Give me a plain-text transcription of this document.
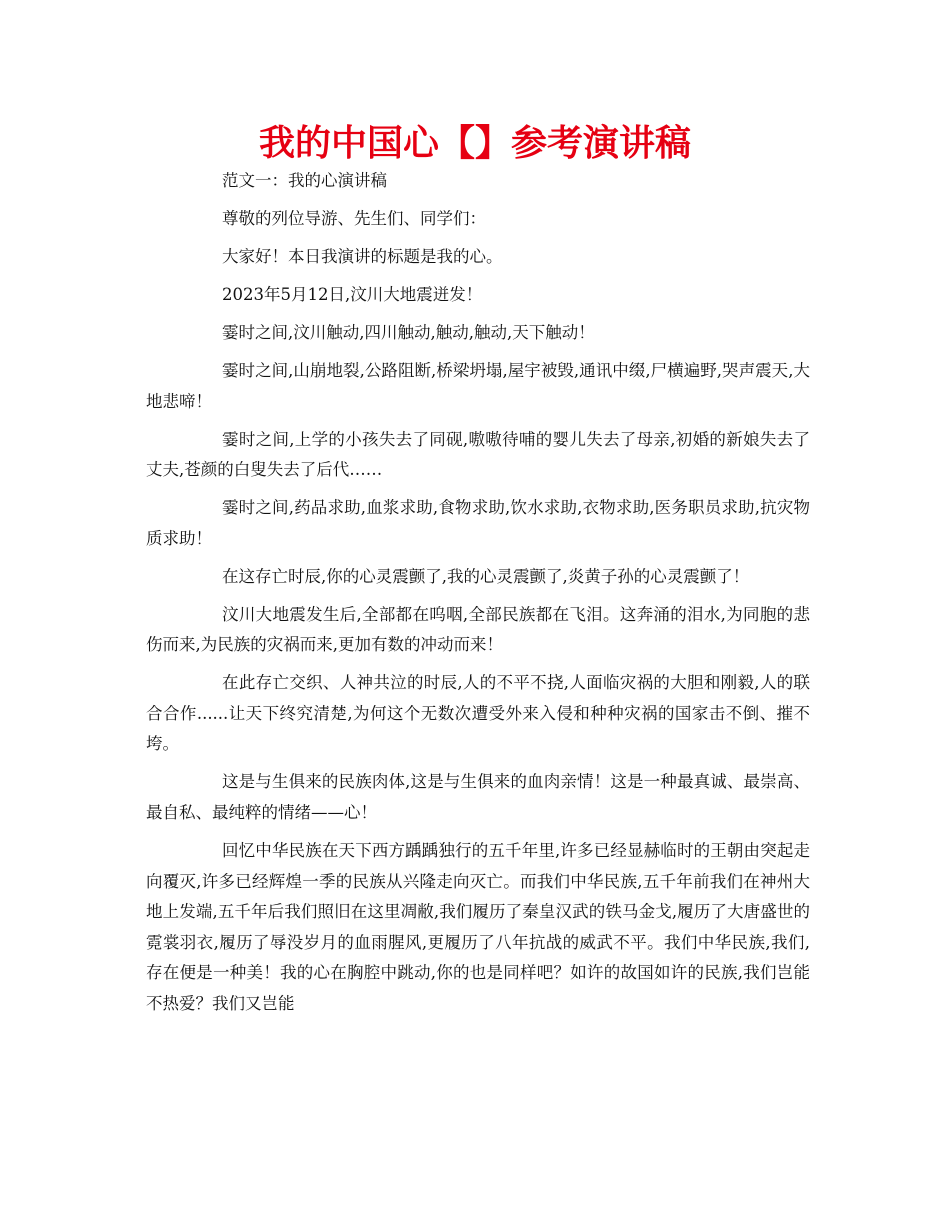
我的中国心【】参考演讲稿

范文一：我的心演讲稿

尊敬的列位导游、先生们、同学们：

大家好！本日我演讲的标题是我的心。

2023年5月12日,汶川大地震迸发！

霎时之间,汶川触动,四川触动,触动,触动,天下触动！

霎时之间,山崩地裂,公路阻断,桥梁坍塌,屋宇被毁,通讯中缀,尸横遍野,哭声震天,大地悲啼！

霎时之间,上学的小孩失去了同砚,嗷嗷待哺的婴儿失去了母亲,初婚的新娘失去了丈夫,苍颜的白叟失去了后代……

霎时之间,药品求助,血浆求助,食物求助,饮水求助,衣物求助,医务职员求助,抗灾物质求助！

在这存亡时辰,你的心灵震颤了,我的心灵震颤了,炎黄子孙的心灵震颤了！

汶川大地震发生后,全部都在呜咽,全部民族都在飞泪。这奔涌的泪水,为同胞的悲伤而来,为民族的灾祸而来,更加有数的冲动而来！

在此存亡交织、人神共泣的时辰,人的不平不挠,人面临灾祸的大胆和刚毅,人的联合合作......让天下终究清楚,为何这个无数次遭受外来入侵和种种灾祸的国家击不倒、摧不垮。

这是与生俱来的民族肉体,这是与生俱来的血肉亲情！这是一种最真诚、最崇高、最自私、最纯粹的情绪——心！

回忆中华民族在天下西方踽踽独行的五千年里,许多已经显赫临时的王朝由突起走向覆灭,许多已经辉煌一季的民族从兴隆走向灭亡。而我们中华民族,五千年前我们在神州大地上发端,五千年后我们照旧在这里凋敝,我们履历了秦皇汉武的铁马金戈,履历了大唐盛世的霓裳羽衣,履历了辱没岁月的血雨腥风,更履历了八年抗战的威武不平。我们中华民族,我们,存在便是一种美！我的心在胸腔中跳动,你的也是同样吧？如许的故国如许的民族,我们岂能不热爱？我们又岂能
